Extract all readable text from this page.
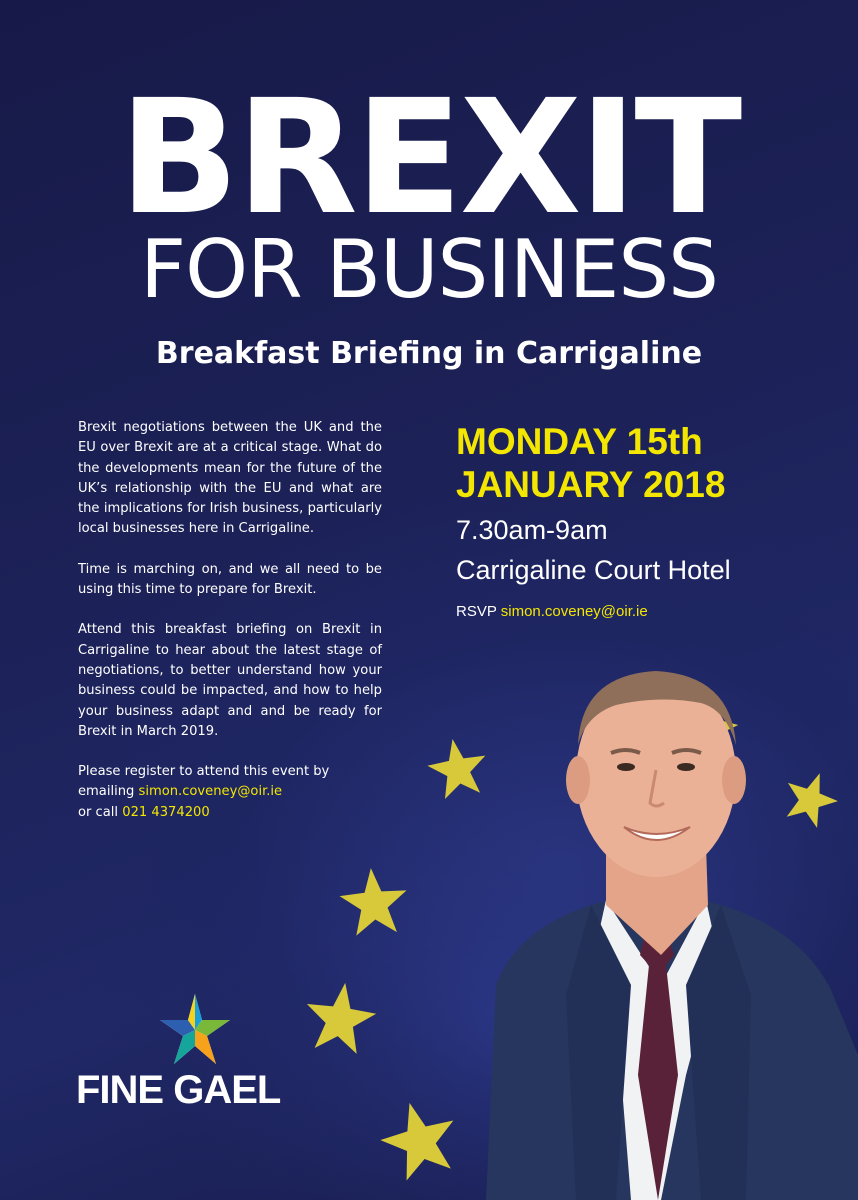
BREXIT
FOR BUSINESS
Breakfast Briefing in Carrigaline

Brexit negotiations between the UK and the EU over Brexit are at a critical stage. What do the developments mean for the future of the UK’s relationship with the EU and what are the implications for Irish business, particularly local businesses here in Carrigaline.

Time is marching on, and we all need to be using this time to prepare for Brexit.

Attend this breakfast briefing on Brexit in Carrigaline to hear about the latest stage of negotiations, to better understand how your business could be impacted, and how to help your business adapt and and be ready for Brexit in March 2019.

Please register to attend this event by emailing simon.coveney@oir.ie
or call 021 4374200

MONDAY 15th
JANUARY 2018
7.30am-9am
Carrigaline Court Hotel
RSVP simon.coveney@oir.ie
FINE GAEL
